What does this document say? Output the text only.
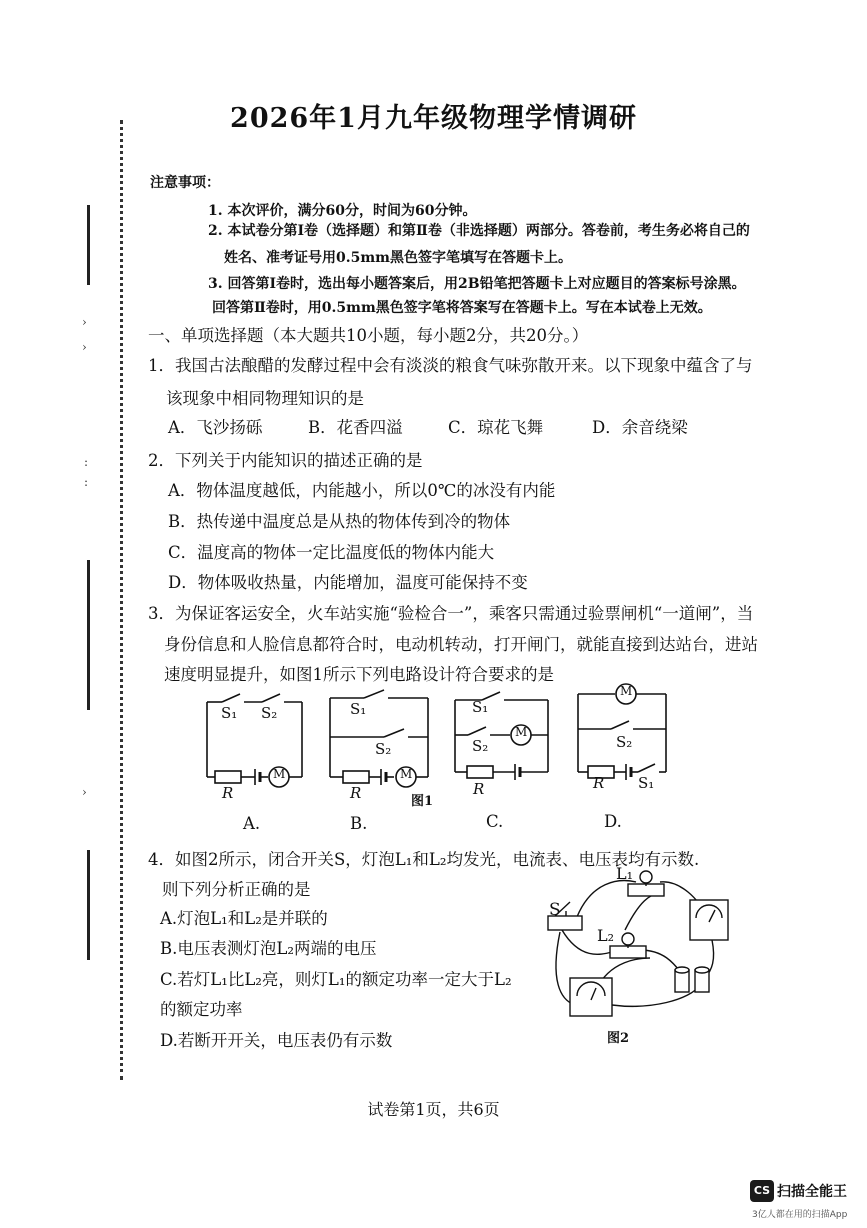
›
›
:
:
›
2026年1月九年级物理学情调研
注意事项：
1. 本次评价，满分60分，时间为60分钟。
2. 本试卷分第Ⅰ卷（选择题）和第Ⅱ卷（非选择题）两部分。答卷前，考生务必将自己的
姓名、准考证号用0.5mm黑色签字笔填写在答题卡上。
3. 回答第Ⅰ卷时，选出每小题答案后，用2B铅笔把答题卡上对应题目的答案标号涂黑。
回答第Ⅱ卷时，用0.5mm黑色签字笔将答案写在答题卡上。写在本试卷上无效。
一、单项选择题（本大题共10小题，每小题2分，共20分。）
1．我国古法酿醋的发酵过程中会有淡淡的粮食气味弥散开来。以下现象中蕴含了与
该现象中相同物理知识的是
A．飞沙扬砾	B．花香四溢	C．琼花飞舞	D．余音绕梁
2．下列关于内能知识的描述正确的是
A．物体温度越低，内能越小，所以0℃的冰没有内能
B．热传递中温度总是从热的物体传到冷的物体
C．温度高的物体一定比温度低的物体内能大
D．物体吸收热量，内能增加，温度可能保持不变
3．为保证客运安全，火车站实施“验检合一”，乘客只需通过验票闸机“一道闸”，当
身份信息和人脸信息都符合时，电动机转动，打开闸门，就能直接到达站台，进站
速度明显提升，如图1所示下列电路设计符合要求的是
S₁ S₂
R
M
S₁
S₂
R
M
S₁
S₂
R
M
S₂
S₁
R
M
图1
A.	B.	C.	D.
4．如图2所示，闭合开关S，灯泡L₁和L₂均发光，电流表、电压表均有示数.
则下列分析正确的是
A.灯泡L₁和L₂是并联的
B.电压表测灯泡L₂两端的电压
C.若灯L₁比L₂亮，则灯L₁的额定功率一定大于L₂
的额定功率
D.若断开开关，电压表仍有示数
S
L₁
L₂
图2
试卷第1页，共6页
CS 扫描全能王
3亿人都在用的扫描App
